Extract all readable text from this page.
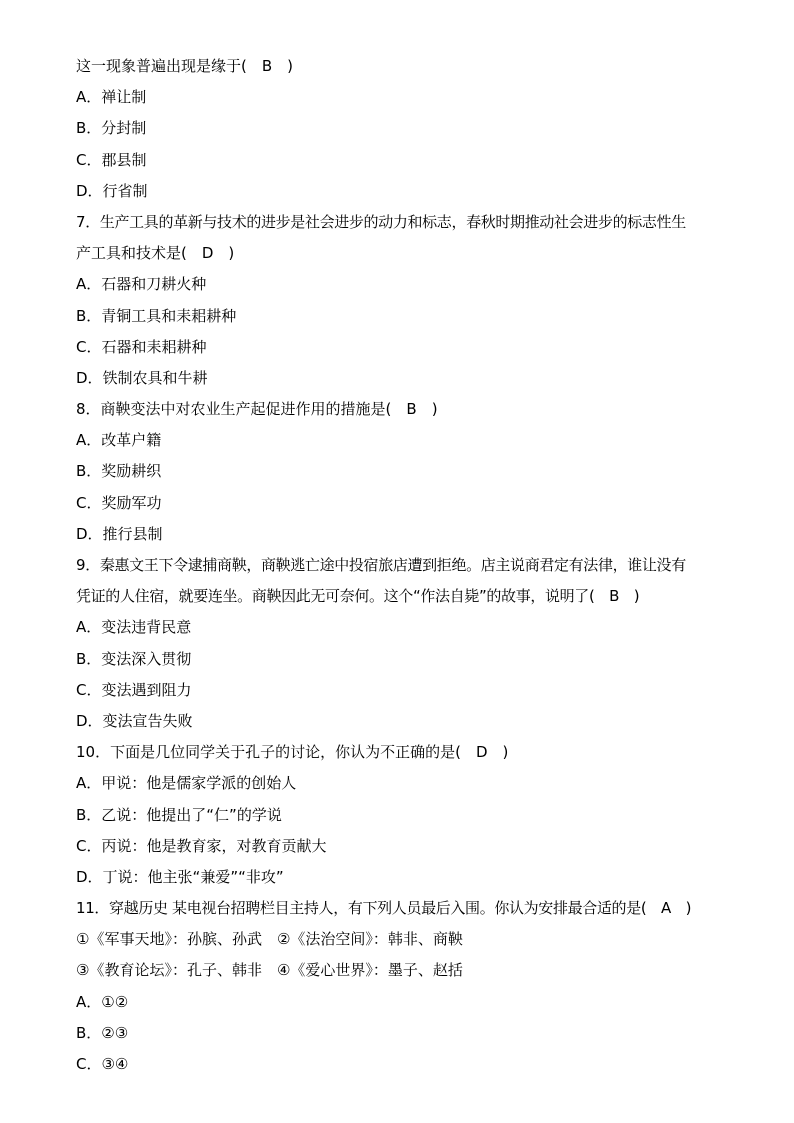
这一现象普遍出现是缘于(　B　)
A．禅让制
B．分封制
C．郡县制
D．行省制
7．生产工具的革新与技术的进步是社会进步的动力和标志，春秋时期推动社会进步的标志性生
产工具和技术是(　D　)
A．石器和刀耕火种
B．青铜工具和耒耜耕种
C．石器和耒耜耕种
D．铁制农具和牛耕
8．商鞅变法中对农业生产起促进作用的措施是(　B　)
A．改革户籍
B．奖励耕织
C．奖励军功
D．推行县制
9．秦惠文王下令逮捕商鞅，商鞅逃亡途中投宿旅店遭到拒绝。店主说商君定有法律，谁让没有
凭证的人住宿，就要连坐。商鞅因此无可奈何。这个“作法自毙”的故事，说明了(　B　)
A．变法违背民意
B．变法深入贯彻
C．变法遇到阻力
D．变法宣告失败
10．下面是几位同学关于孔子的讨论，你认为不正确的是(　D　)
A．甲说：他是儒家学派的创始人
B．乙说：他提出了“仁”的学说
C．丙说：他是教育家，对教育贡献大
D．丁说：他主张“兼爱”“非攻”
11．穿越历史 某电视台招聘栏目主持人，有下列人员最后入围。你认为安排最合适的是(　A　)
①《军事天地》：孙膑、孙武　②《法治空间》：韩非、商鞅
③《教育论坛》：孔子、韩非　④《爱心世界》：墨子、赵括
A．①②
B．②③
C．③④
